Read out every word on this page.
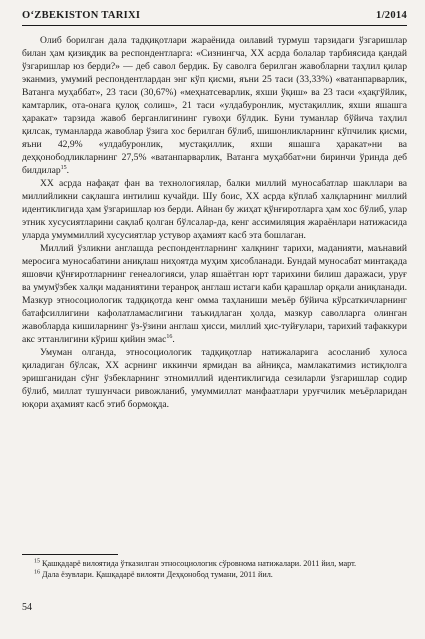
O‘ZBEKISTON TARIXI	1/2014

Олиб борилган дала тадқиқотлари жараёнида оилавий турмуш тарзидаги ўзгаришлар билан ҳам қизиқдик ва респондентларга: «Сизнингча, ХХ асрда болалар тарбиясида қандай ўзгаришлар юз берди?» — деб савол бердик. Бу саволга берилган жавобларни таҳлил қилар эканмиз, умумий респондентлардан энг кўп қисми, яъни 25 таси (33,33%) «ватанпарварлик, Ватанга муҳаббат», 23 таси (30,67%) «меҳнатсеварлик, яхши ўқиш» ва 23 таси «ҳақгўйлик, камтарлик, ота-онага қулоқ солиш», 21 таси «улдабуронлик, мустақиллик, яхши яшашга ҳаракат» тарзида жавоб берганлигининг гувоҳи бўлдик. Буни туманлар бўйича таҳлил қилсак, туманларда жавоблар ўзига хос берилган бўлиб, шишонликларнинг кўпчилик қисми, яъни 42,9% «улдабуронлик, мустақиллик, яхши яшашга ҳаракат»ни ва деҳқонободликларнинг 27,5% «ватанпарварлик, Ватанга муҳаббат»ни биринчи ўринда деб билдилар$^{15}$.

ХХ асрда нафақат фан ва технологиялар, балки миллий муносабатлар шакллари ва миллийликни сақлашга интилиш кучайди. Шу боис, ХХ асрда кўплаб халқларнинг миллий идентиклигида ҳам ўзгаришлар юз берди. Айнан бу жиҳат қўнғиротларга ҳам хос бўлиб, улар этник хусусиятларини сақлаб қолган бўлсалар-да, кенг ассимиляция жараёнлари натижасида уларда умуммиллий хусусиятлар устувор аҳамият касб эта бошлаган.

Миллий ўзликни англашда респондентларнинг халқнинг тарихи, маданияти, маънавий меросига муносабатини аниқлаш ниҳоятда муҳим ҳисобланади. Бундай муносабат минтақада яшовчи қўнғиротларнинг генеалогияси, улар яшаётган юрт тарихини билиш даражаси, уруғ ва умумўзбек халқи маданиятини теранроқ англаш истаги каби қарашлар орқали аниқланади. Мазкур этносоциологик тадқиқотда кенг омма таҳланиши меъёр бўйича кўрсаткичларнинг батафсиллигини кафолатламаслигини таъкидлаган ҳолда, мазкур саволларга олинган жавобларда кишиларнинг ўз-ўзини англаш ҳисси, миллий ҳис-туйғулари, тарихий тафаккури акс эттанлигини кўриш қийин эмас$^{16}$.

Умуман олганда, этносоциологик тадқиқотлар натижаларига асосланиб хулоса қиладиган бўлсак, ХХ асрнинг иккинчи ярмидан ва айниқса, мамлакатимиз истиқлолга эришганидан сўнг ўзбекларнинг этномиллий идентиклигида сезиларли ўзгаришлар содир бўлиб, миллат тушунчаси ривожланиб, умуммиллат манфаатлари уруғчилик меъёрларидан юқори аҳамият касб этиб бормоқда.

$^{15}$ Қашқадарё вилоятида ўтказилган этносоциологик сўровнома натижалари. 2011 йил, март.

$^{16}$ Дала ёзувлари. Қашқадарё вилояти Деҳқонобод тумани, 2011 йил.

54
